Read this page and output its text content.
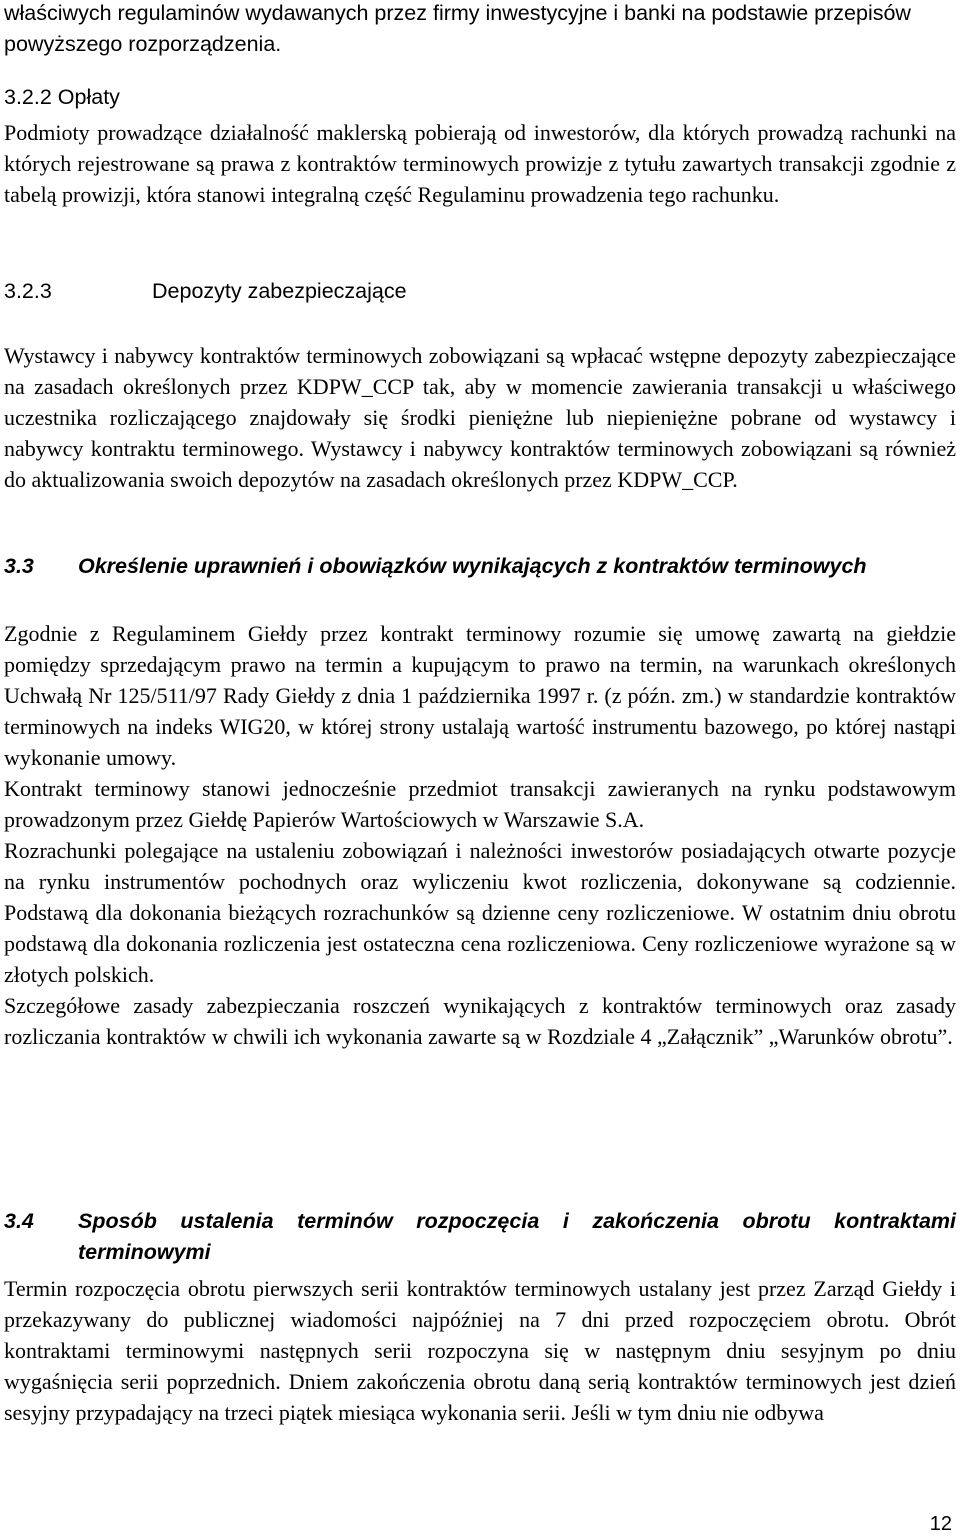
właściwych regulaminów wydawanych przez firmy inwestycyjne i banki na podstawie przepisów powyższego rozporządzenia.

3.2.2 Opłaty

Podmioty prowadzące działalność maklerską pobierają od inwestorów, dla których prowadzą rachunki na których rejestrowane są prawa z kontraktów terminowych prowizje z tytułu zawartych transakcji zgodnie z tabelą prowizji, która stanowi integralną część Regulaminu prowadzenia tego rachunku.

3.2.3	Depozyty zabezpieczające

Wystawcy i nabywcy kontraktów terminowych zobowiązani są wpłacać wstępne depozyty zabezpieczające na zasadach określonych przez KDPW_CCP tak, aby w momencie zawierania transakcji u właściwego uczestnika rozliczającego znajdowały się środki pieniężne lub niepieniężne pobrane od wystawcy i nabywcy kontraktu terminowego. Wystawcy i nabywcy kontraktów terminowych zobowiązani są również do aktualizowania swoich depozytów na zasadach określonych przez KDPW_CCP.

3.3	Określenie uprawnień i obowiązków wynikających z kontraktów terminowych

Zgodnie z Regulaminem Giełdy przez kontrakt terminowy rozumie się umowę zawartą na giełdzie pomiędzy sprzedającym prawo na termin a kupującym to prawo na termin, na warunkach określonych Uchwałą Nr 125/511/97 Rady Giełdy z dnia 1 października 1997 r. (z późn. zm.) w standardzie kontraktów terminowych na indeks WIG20, w której strony ustalają wartość instrumentu bazowego, po której nastąpi wykonanie umowy.

Kontrakt terminowy stanowi jednocześnie przedmiot transakcji zawieranych na rynku podstawowym prowadzonym przez Giełdę Papierów Wartościowych w Warszawie S.A.

Rozrachunki polegające na ustaleniu zobowiązań i należności inwestorów posiadających otwarte pozycje na rynku instrumentów pochodnych oraz wyliczeniu kwot rozliczenia, dokonywane są codziennie. Podstawą dla dokonania bieżących rozrachunków są dzienne ceny rozliczeniowe. W ostatnim dniu obrotu podstawą dla dokonania rozliczenia jest ostateczna cena rozliczeniowa. Ceny rozliczeniowe wyrażone są w złotych polskich.

Szczegółowe zasady zabezpieczania roszczeń wynikających z kontraktów terminowych oraz zasady rozliczania kontraktów w chwili ich wykonania zawarte są w Rozdziale 4 „Załącznik” „Warunków obrotu”.

3.4	Sposób ustalenia terminów rozpoczęcia i zakończenia obrotu kontraktami terminowymi

Termin rozpoczęcia obrotu pierwszych serii kontraktów terminowych ustalany jest przez Zarząd Giełdy i przekazywany do publicznej wiadomości najpóźniej na 7 dni przed rozpoczęciem obrotu. Obrót kontraktami terminowymi następnych serii rozpoczyna się w następnym dniu sesyjnym po dniu wygaśnięcia serii poprzednich. Dniem zakończenia obrotu daną serią kontraktów terminowych jest dzień sesyjny przypadający na trzeci piątek miesiąca wykonania serii. Jeśli w tym dniu nie odbywa

12
